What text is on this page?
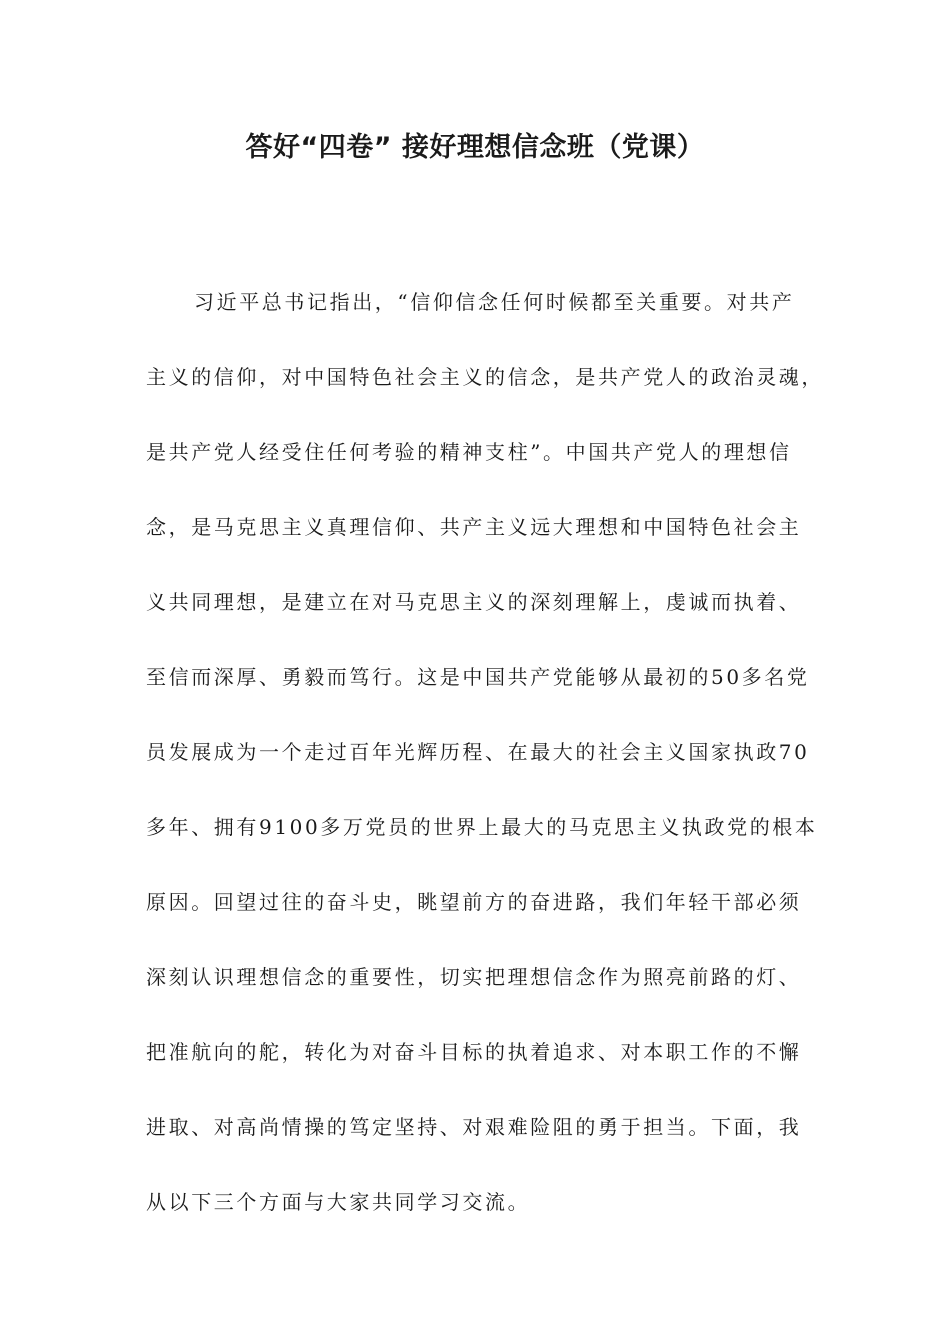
答好“四卷” 接好理想信念班（党课）
习近平总书记指出，“信仰信念任何时候都至关重要。对共产
主义的信仰，对中国特色社会主义的信念，是共产党人的政治灵魂，
是共产党人经受住任何考验的精神支柱”。中国共产党人的理想信
念，是马克思主义真理信仰、共产主义远大理想和中国特色社会主
义共同理想，是建立在对马克思主义的深刻理解上，虔诚而执着、
至信而深厚、勇毅而笃行。这是中国共产党能够从最初的50多名党
员发展成为一个走过百年光辉历程、在最大的社会主义国家执政70
多年、拥有9100多万党员的世界上最大的马克思主义执政党的根本
原因。回望过往的奋斗史，眺望前方的奋进路，我们年轻干部必须
深刻认识理想信念的重要性，切实把理想信念作为照亮前路的灯、
把准航向的舵，转化为对奋斗目标的执着追求、对本职工作的不懈
进取、对高尚情操的笃定坚持、对艰难险阻的勇于担当。下面，我
从以下三个方面与大家共同学习交流。
